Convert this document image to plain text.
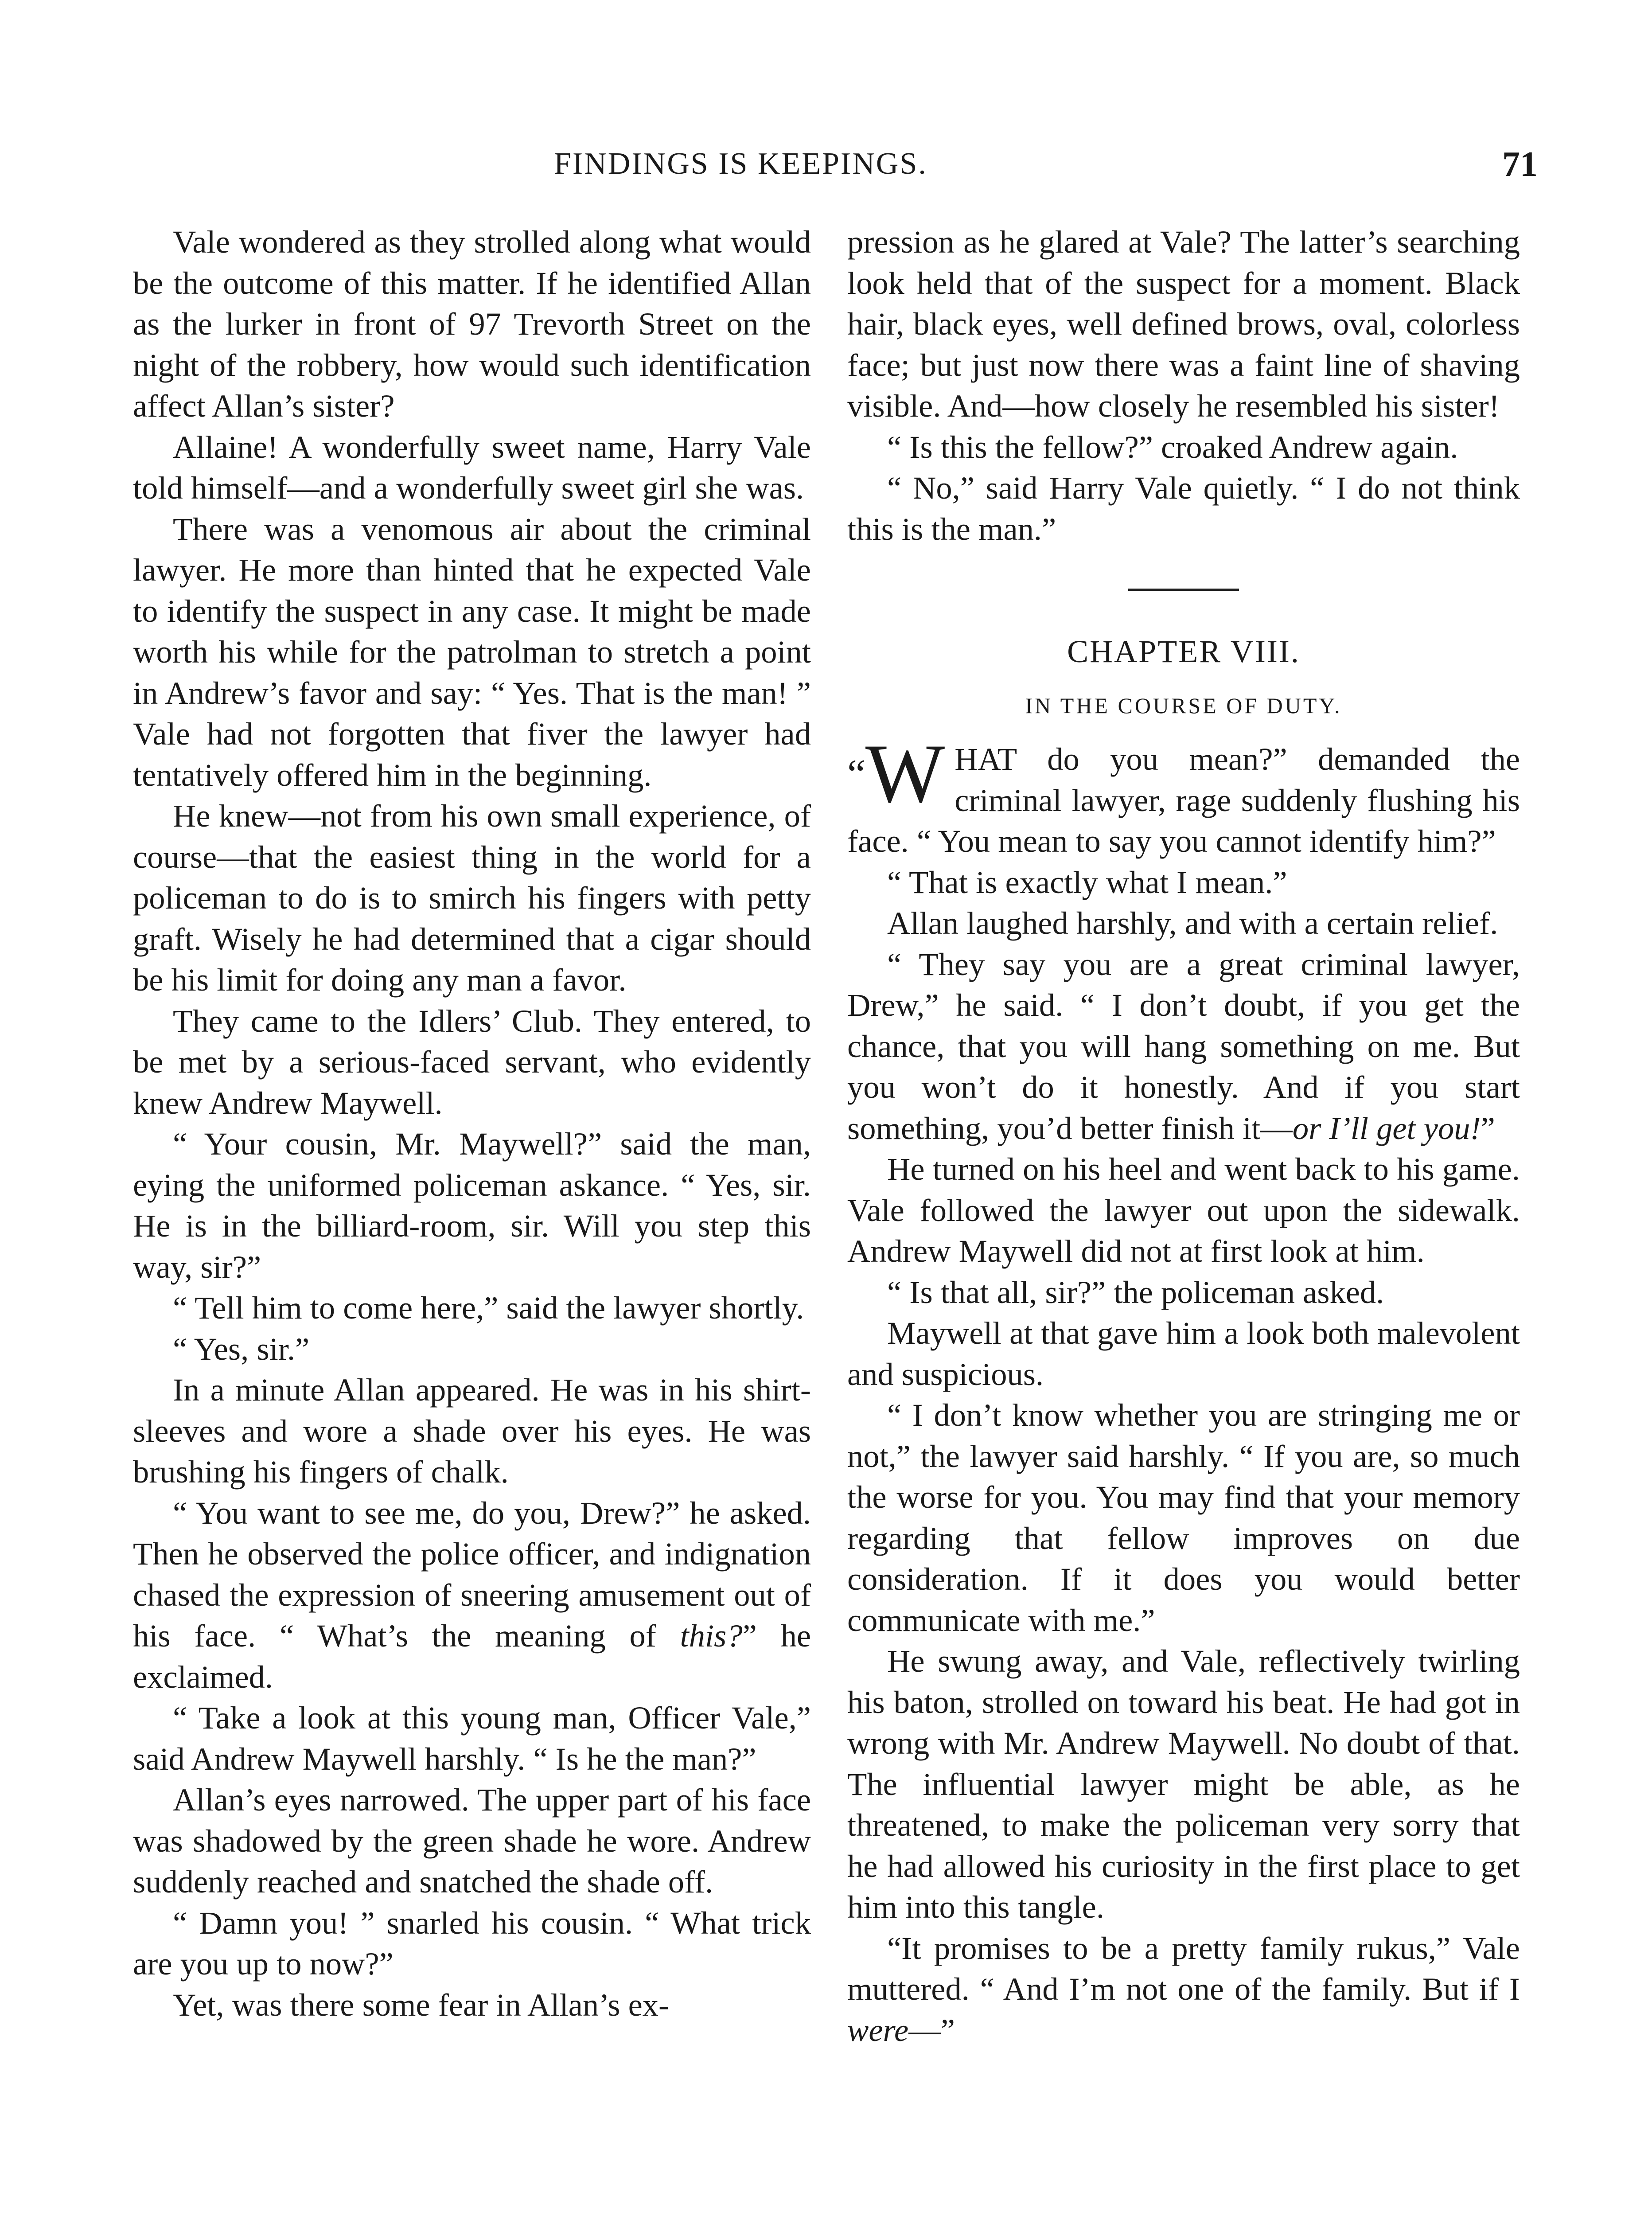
FINDINGS IS KEEPINGS.	71

Vale wondered as they strolled along what would be the outcome of this matter. If he identified Allan as the lurker in front of 97 Trevorth Street on the night of the robbery, how would such identification affect Allan’s sister?

Allaine! A wonderfully sweet name, Harry Vale told himself—and a wonderfully sweet girl she was.

There was a venomous air about the criminal lawyer. He more than hinted that he expected Vale to identify the suspect in any case. It might be made worth his while for the patrolman to stretch a point in Andrew’s favor and say: “ Yes. That is the man! ” Vale had not forgotten that fiver the lawyer had tentatively offered him in the beginning.

He knew—not from his own small experience, of course—that the easiest thing in the world for a policeman to do is to smirch his fingers with petty graft. Wisely he had determined that a cigar should be his limit for doing any man a favor.

They came to the Idlers’ Club. They entered, to be met by a serious-faced servant, who evidently knew Andrew Maywell.

“ Your cousin, Mr. Maywell?” said the man, eying the uniformed policeman askance. “ Yes, sir. He is in the billiard-room, sir. Will you step this way, sir?”

“ Tell him to come here,” said the lawyer shortly.

“ Yes, sir.”

In a minute Allan appeared. He was in his shirt-sleeves and wore a shade over his eyes. He was brushing his fingers of chalk.

“ You want to see me, do you, Drew?” he asked. Then he observed the police officer, and indignation chased the expression of sneering amusement out of his face. “ What’s the meaning of this?” he exclaimed.

“ Take a look at this young man, Officer Vale,” said Andrew Maywell harshly. “ Is he the man?”

Allan’s eyes narrowed. The upper part of his face was shadowed by the green shade he wore. Andrew suddenly reached and snatched the shade off.

“ Damn you! ” snarled his cousin. “ What trick are you up to now?”

Yet, was there some fear in Allan’s ex-

pression as he glared at Vale? The latter’s searching look held that of the suspect for a moment. Black hair, black eyes, well defined brows, oval, colorless face; but just now there was a faint line of shaving visible. And—how closely he resembled his sister!

“ Is this the fellow?” croaked Andrew again.

“ No,” said Harry Vale quietly. “ I do not think this is the man.”

CHAPTER VIII.
IN THE COURSE OF DUTY.

“W HAT do you mean?” demanded the criminal lawyer, rage suddenly flushing his face. “ You mean to say you cannot identify him?”

“ That is exactly what I mean.”

Allan laughed harshly, and with a certain relief.

“ They say you are a great criminal lawyer, Drew,” he said. “ I don’t doubt, if you get the chance, that you will hang something on me. But you won’t do it honestly. And if you start something, you’d better finish it—or I’ll get you!”

He turned on his heel and went back to his game. Vale followed the lawyer out upon the sidewalk. Andrew Maywell did not at first look at him.

“ Is that all, sir?” the policeman asked.

Maywell at that gave him a look both malevolent and suspicious.

“ I don’t know whether you are stringing me or not,” the lawyer said harshly. “ If you are, so much the worse for you. You may find that your memory regarding that fellow improves on due consideration. If it does you would better communicate with me.”

He swung away, and Vale, reflectively twirling his baton, strolled on toward his beat. He had got in wrong with Mr. Andrew Maywell. No doubt of that. The influential lawyer might be able, as he threatened, to make the policeman very sorry that he had allowed his curiosity in the first place to get him into this tangle.

“It promises to be a pretty family rukus,” Vale muttered. “ And I’m not one of the family. But if I were—”
